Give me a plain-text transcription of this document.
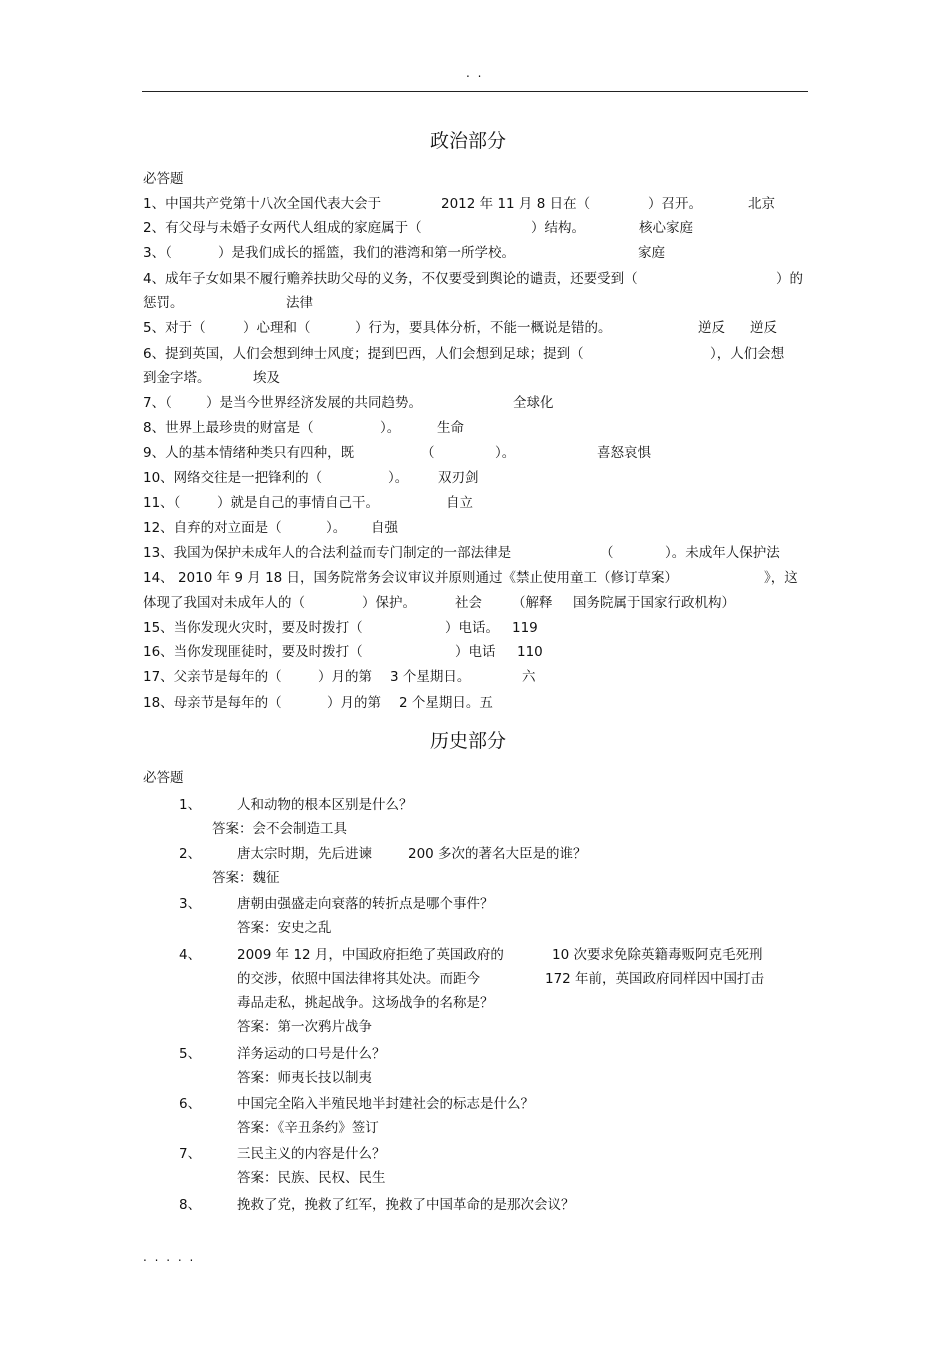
. .
政治部分
必答题
1、中国共产党第十八次全国代表大会于	2012 年 11 月 8 日在（	）召开。	北京
2、有父母与未婚子女两代人组成的家庭属于（	）结构。	核心家庭
3、（	）是我们成长的摇篮，我们的港湾和第一所学校。	家庭
4、成年子女如果不履行赡养扶助父母的义务，不仅要受到舆论的谴责，还要受到（	）的
惩罚。	法律
5、对于（	）心理和（	）行为，要具体分析，不能一概说是错的。	逆反 逆反
6、提到英国，人们会想到绅士风度；提到巴西，人们会想到足球；提到（	），人们会想
到金字塔。	埃及
7、（	）是当今世界经济发展的共同趋势。	全球化
8、世界上最珍贵的财富是（	）。	生命
9、人的基本情绪种类只有四种，既	（	）。	喜怒哀惧
10、网络交往是一把锋利的（	）。 双刃剑
11、（	）就是自己的事情自己干。	自立
12、自弃的对立面是（	）。 自强
13、我国为保护未成年人的合法利益而专门制定的一部法律是	（	）。未成年人保护法
14、 2010 年 9 月 18 日，国务院常务会议审议并原则通过《禁止使用童工（修订草案）	》，这
体现了我国对未成年人的（	）保护。	社会 （解释 国务院属于国家行政机构）
15、当你发现火灾时，要及时拨打（	）电话。 119
16、当你发现匪徒时，要及时拨打（	）电话 110
17、父亲节是每年的（	）月的第 3 个星期日。	六
18、母亲节是每年的（	）月的第 2 个星期日。五
历史部分
必答题
1、	人和动物的根本区别是什么？
答案：会不会制造工具
2、	唐太宗时期，先后进谏	200 多次的著名大臣是的谁？
答案：魏征
3、	唐朝由强盛走向衰落的转折点是哪个事件？
答案：安史之乱
4、	2009 年 12 月，中国政府拒绝了英国政府的	10 次要求免除英籍毒贩阿克毛死刑
的交涉，依照中国法律将其处决。而距今	172 年前，英国政府同样因中国打击
毒品走私，挑起战争。这场战争的名称是？
答案：第一次鸦片战争
5、	洋务运动的口号是什么？
答案：师夷长技以制夷
6、	中国完全陷入半殖民地半封建社会的标志是什么？
答案：《辛丑条约》签订
7、	三民主义的内容是什么？
答案：民族、民权、民生
8、	挽救了党，挽救了红军，挽救了中国革命的是那次会议？
. . . . .
